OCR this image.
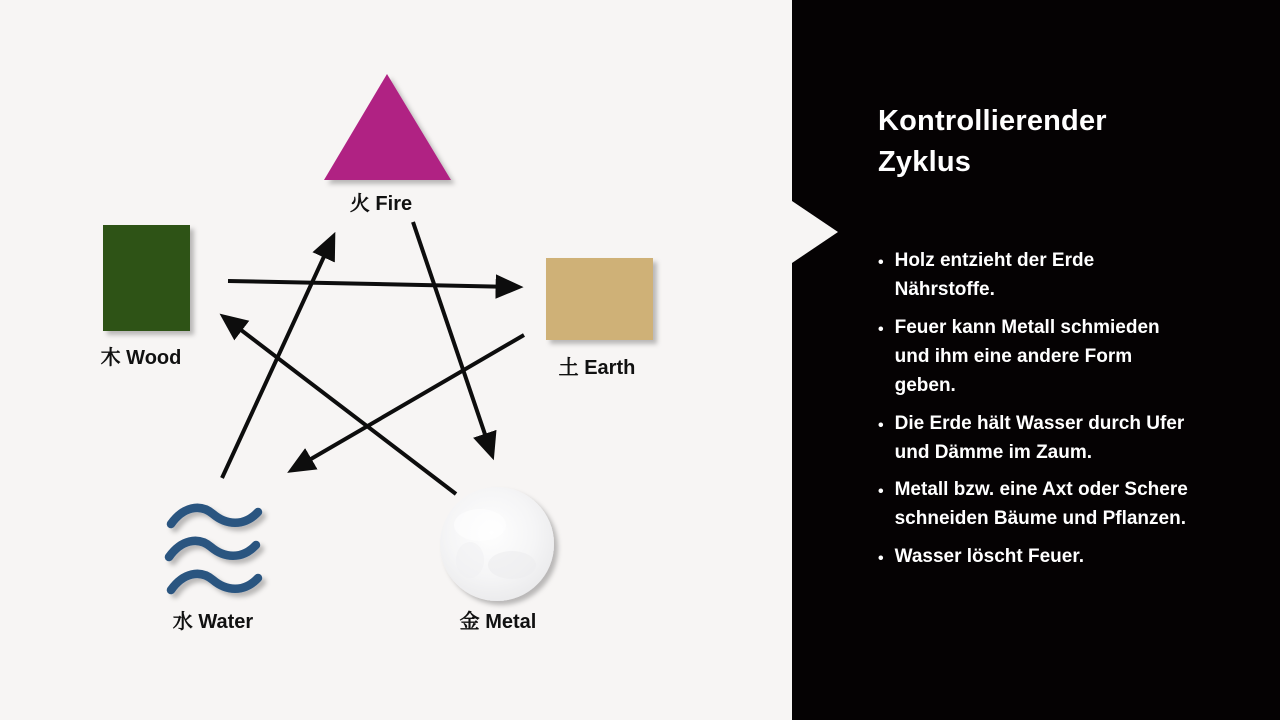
火 Fire
木 Wood	土 Earth
水 Water	金 Metal
Kontrollierender Zyklus
•
Holz entzieht der Erde Nährstoffe.
•
Feuer kann Metall schmieden und ihm eine andere Form geben.
•
Die Erde hält Wasser durch Ufer und Dämme im Zaum.
•
Metall bzw. eine Axt oder Schere schneiden Bäume und Pflanzen.
•
Wasser löscht Feuer.
